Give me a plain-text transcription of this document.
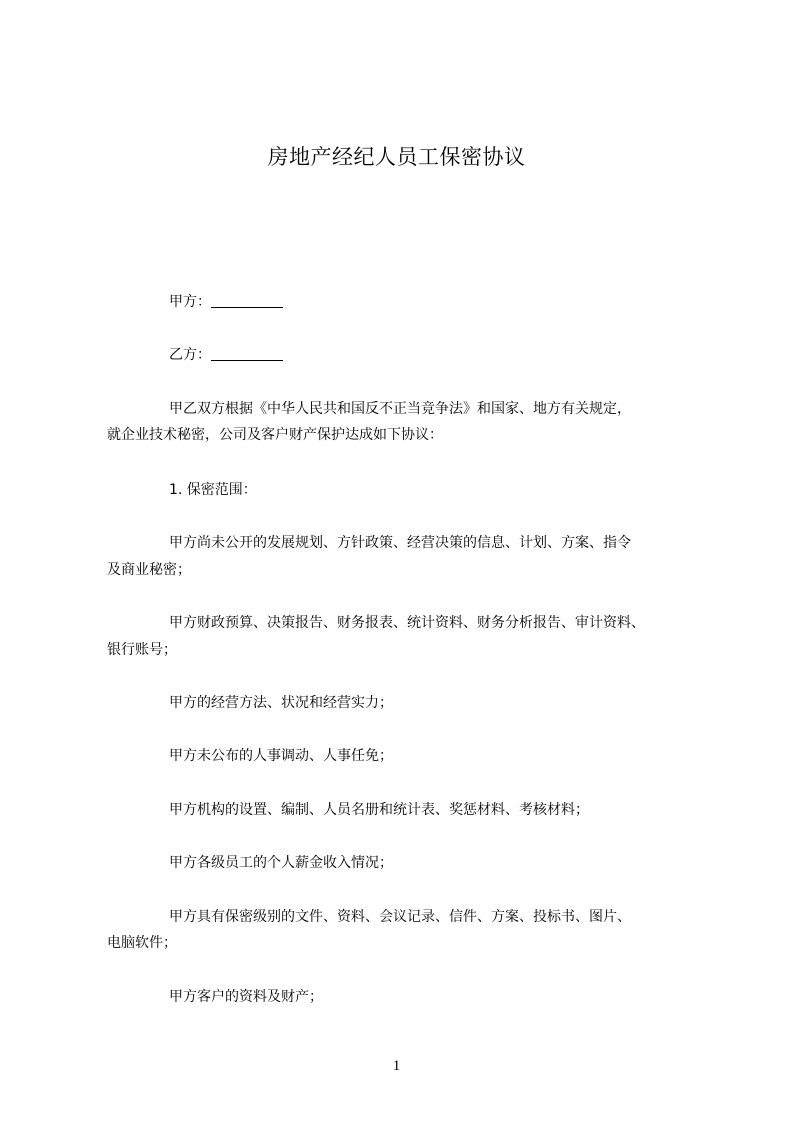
房地产经纪人员工保密协议
甲方：
乙方：
甲乙双方根据《中华人民共和国反不正当竞争法》和国家、地方有关规定，
就企业技术秘密，公司及客户财产保护达成如下协议：
1. 保密范围：
甲方尚未公开的发展规划、方针政策、经营决策的信息、计划、方案、指令
及商业秘密；
甲方财政预算、决策报告、财务报表、统计资料、财务分析报告、审计资料、
银行账号；
甲方的经营方法、状况和经营实力；
甲方未公布的人事调动、人事任免；
甲方机构的设置、编制、人员名册和统计表、奖惩材料、考核材料；
甲方各级员工的个人薪金收入情况；
甲方具有保密级别的文件、资料、会议记录、信件、方案、投标书、图片、
电脑软件；
甲方客户的资料及财产；
1
